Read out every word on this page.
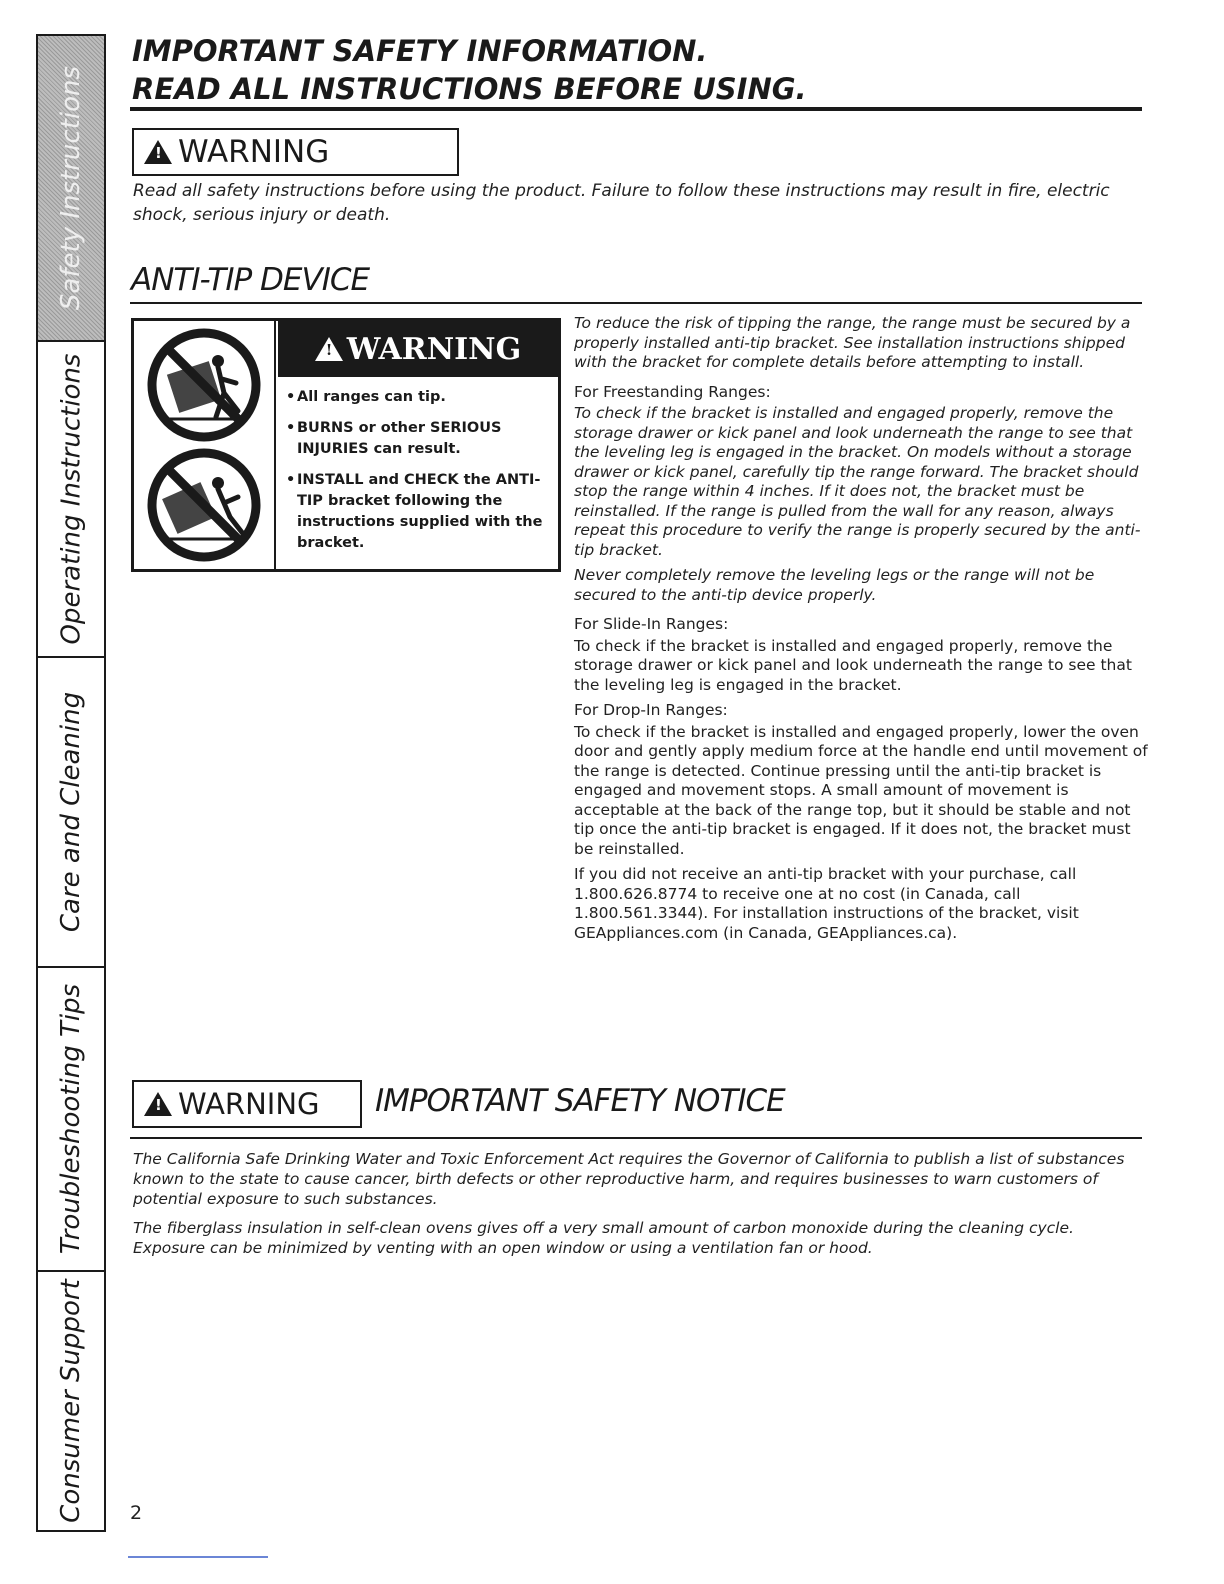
Safety Instructions
Operating Instructions
Care and Cleaning
Troubleshooting Tips
Consumer Support
IMPORTANT SAFETY INFORMATION.
READ ALL INSTRUCTIONS BEFORE USING.
!
WARNING
Read all safety instructions before using the product. Failure to follow these instructions may result in fire, electric shock, serious injury or death.
ANTI-TIP DEVICE
!
WARNING
• All ranges can tip.
• BURNS or other SERIOUS INJURIES can result.
• INSTALL and CHECK the ANTI-TIP bracket following the instructions supplied with the bracket.

To reduce the risk of tipping the range, the range must be secured by a properly installed anti-tip bracket. See installation instructions shipped with the bracket for complete details before attempting to install.

For Freestanding Ranges:

To check if the bracket is installed and engaged properly, remove the storage drawer or kick panel and look underneath the range to see that the leveling leg is engaged in the bracket. On models without a storage drawer or kick panel, carefully tip the range forward. The bracket should stop the range within 4 inches. If it does not, the bracket must be reinstalled. If the range is pulled from the wall for any reason, always repeat this procedure to verify the range is properly secured by the anti-tip bracket.

Never completely remove the leveling legs or the range will not be secured to the anti-tip device properly.

For Slide-In Ranges:

To check if the bracket is installed and engaged properly, remove the storage drawer or kick panel and look underneath the range to see that the leveling leg is engaged in the bracket.

For Drop-In Ranges:

To check if the bracket is installed and engaged properly, lower the oven door and gently apply medium force at the handle end until movement of the range is detected. Continue pressing until the anti-tip bracket is engaged and movement stops. A small amount of movement is acceptable at the back of the range top, but it should be stable and not tip once the anti-tip bracket is engaged. If it does not, the bracket must be reinstalled.

If you did not receive an anti-tip bracket with your purchase, call 1.800.626.8774 to receive one at no cost (in Canada, call 1.800.561.3344). For installation instructions of the bracket, visit GEAppliances.com (in Canada, GEAppliances.ca).

!
WARNING IMPORTANT SAFETY NOTICE

The California Safe Drinking Water and Toxic Enforcement Act requires the Governor of California to publish a list of substances known to the state to cause cancer, birth defects or other reproductive harm, and requires businesses to warn customers of potential exposure to such substances.

The fiberglass insulation in self-clean ovens gives off a very small amount of carbon monoxide during the cleaning cycle. Exposure can be minimized by venting with an open window or using a ventilation fan or hood.

2
